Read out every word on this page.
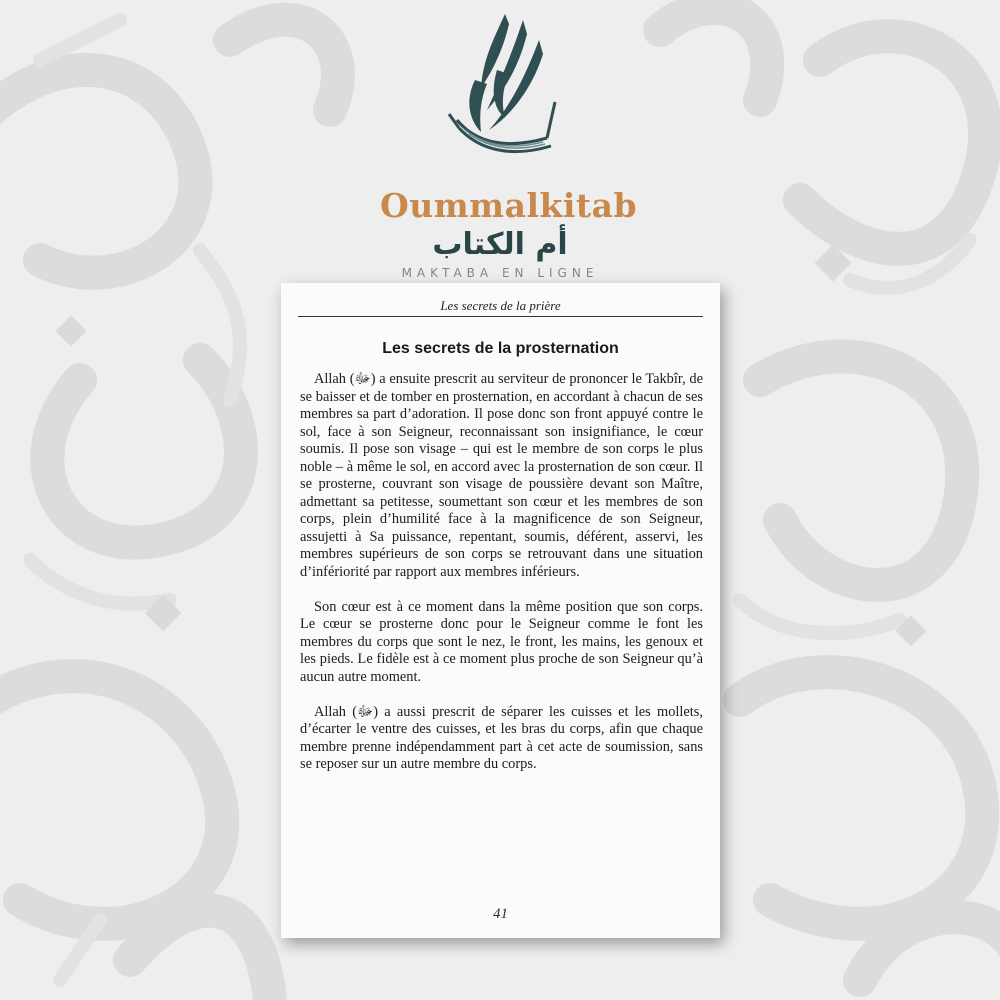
Oummalkitab
أم الكتاب
MAKTABA EN LIGNE
Les secrets de la prière
Les secrets de la prosternation

Allah (ﷻ) a ensuite prescrit au serviteur de prononcer le Takbîr, de se baisser et de tomber en prosternation, en accordant à chacun de ses membres sa part d’adoration. Il pose donc son front appuyé contre le sol, face à son Seigneur, reconnaissant son insignifiance, le cœur soumis. Il pose son visage – qui est le membre de son corps le plus noble – à même le sol, en accord avec la prosternation de son cœur. Il se prosterne, couvrant son visage de poussière devant son Maître, admettant sa petitesse, soumettant son cœur et les membres de son corps, plein d’humilité face à la magnificence de son Seigneur, assujetti à Sa puissance, repentant, soumis, déférent, asservi, les membres supérieurs de son corps se retrouvant dans une situation d’infériorité par rapport aux membres inférieurs.

Son cœur est à ce moment dans la même position que son corps. Le cœur se prosterne donc pour le Seigneur comme le font les membres du corps que sont le nez, le front, les mains, les genoux et les pieds. Le fidèle est à ce moment plus proche de son Seigneur qu’à aucun autre moment.

Allah (ﷻ) a aussi prescrit de séparer les cuisses et les mollets, d’écarter le ventre des cuisses, et les bras du corps, afin que chaque membre prenne indépendamment part à cet acte de soumission, sans se reposer sur un autre membre du corps.

41
